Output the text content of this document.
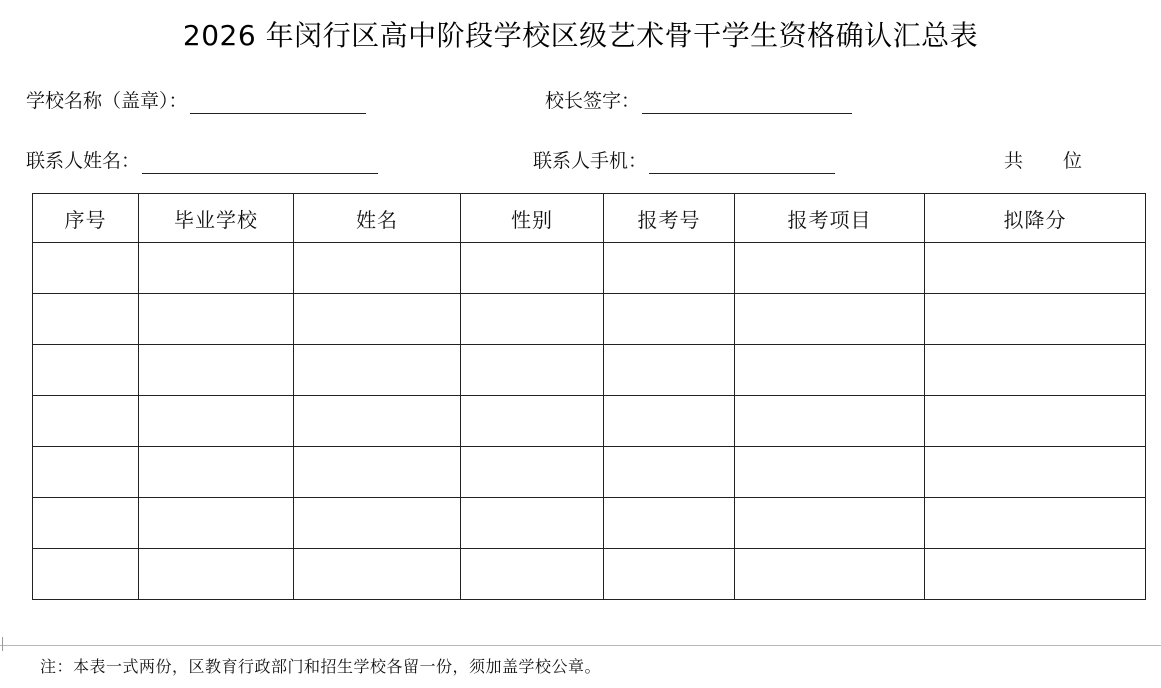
2026 年闵行区高中阶段学校区级艺术骨干学生资格确认汇总表
学校名称（盖章）：	校长签字：
联系人姓名：	联系人手机：	共 位
序号	毕业学校	姓名	性别	报考号	报考项目	拟降分

注：本表一式两份，区教育行政部门和招生学校各留一份，须加盖学校公章。
